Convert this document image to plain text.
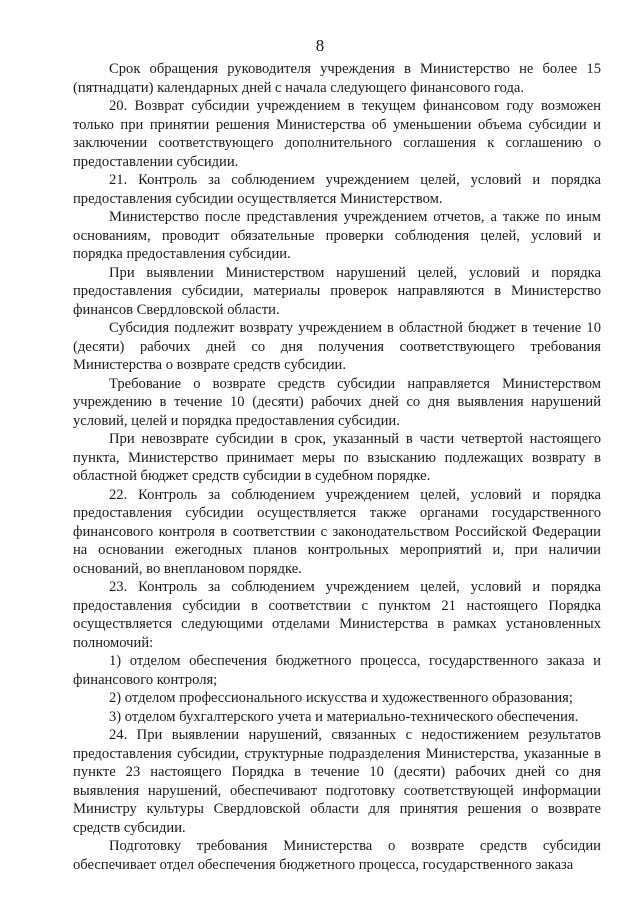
8

Срок обращения руководителя учреждения в Министерство не более 15 (пятнадцати) календарных дней с начала следующего финансового года.

20. Возврат субсидии учреждением в текущем финансовом году возможен только при принятии решения Министерства об уменьшении объема субсидии и заключении соответствующего дополнительного соглашения к соглашению о предоставлении субсидии.

21. Контроль за соблюдением учреждением целей, условий и порядка предоставления субсидии осуществляется Министерством.

Министерство после представления учреждением отчетов, а также по иным основаниям, проводит обязательные проверки соблюдения целей, условий и порядка предоставления субсидии.

При выявлении Министерством нарушений целей, условий и порядка предоставления субсидии, материалы проверок направляются в Министерство финансов Свердловской области.

Субсидия подлежит возврату учреждением в областной бюджет в течение 10 (десяти) рабочих дней со дня получения соответствующего требования Министерства о возврате средств субсидии.

Требование о возврате средств субсидии направляется Министерством учреждению в течение 10 (десяти) рабочих дней со дня выявления нарушений условий, целей и порядка предоставления субсидии.

При невозврате субсидии в срок, указанный в части четвертой настоящего пункта, Министерство принимает меры по взысканию подлежащих возврату в областной бюджет средств субсидии в судебном порядке.

22. Контроль за соблюдением учреждением целей, условий и порядка предоставления субсидии осуществляется также органами государственного финансового контроля в соответствии с законодательством Российской Федерации на основании ежегодных планов контрольных мероприятий и, при наличии оснований, во внеплановом порядке.

23. Контроль за соблюдением учреждением целей, условий и порядка предоставления субсидии в соответствии с пунктом 21 настоящего Порядка осуществляется следующими отделами Министерства в рамках установленных полномочий:

1) отделом обеспечения бюджетного процесса, государственного заказа и финансового контроля;

2) отделом профессионального искусства и художественного образования;

3) отделом бухгалтерского учета и материально-технического обеспечения.

24. При выявлении нарушений, связанных с недостижением результатов предоставления субсидии, структурные подразделения Министерства, указанные в пункте 23 настоящего Порядка в течение 10 (десяти) рабочих дней со дня выявления нарушений, обеспечивают подготовку соответствующей информации Министру культуры Свердловской области для принятия решения о возврате средств субсидии.

Подготовку требования Министерства о возврате средств субсидии обеспечивает отдел обеспечения бюджетного процесса, государственного заказа
